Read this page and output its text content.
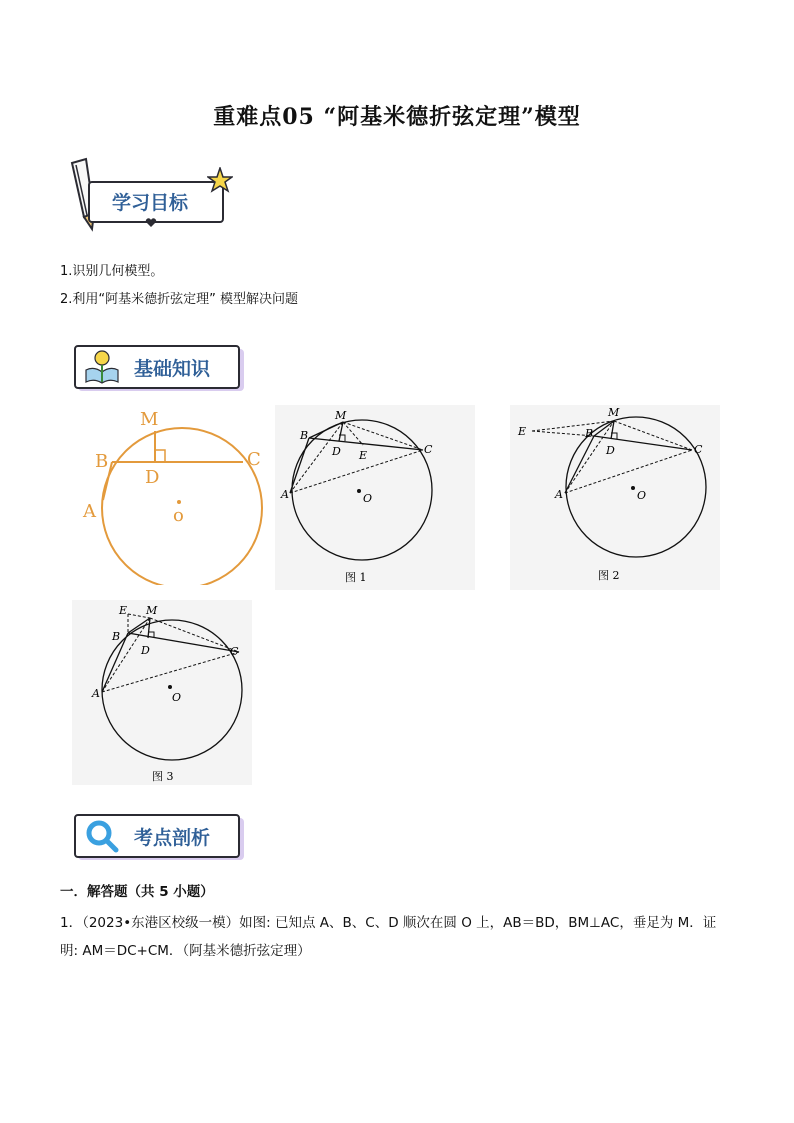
重难点05 “阿基米德折弦定理”模型
学习目标
1.识别几何模型。
2.利用“阿基米德折弦定理” 模型解决问题
基础知识
M
B
D
C
A	o
M
B
D E	C
A	O
图 1
E
M
B
D	C
A	O
图 2
E M
B
D	C
A	O
图 3
考点剖析
一．解答题（共 5 小题）
1．（2023•东港区校级一模）如图: 已知点 A、B、C、D 顺次在圆 O 上，AB＝BD，BM⊥AC，垂足为 M．证
明: AM＝DC+CM．（阿基米德折弦定理）
